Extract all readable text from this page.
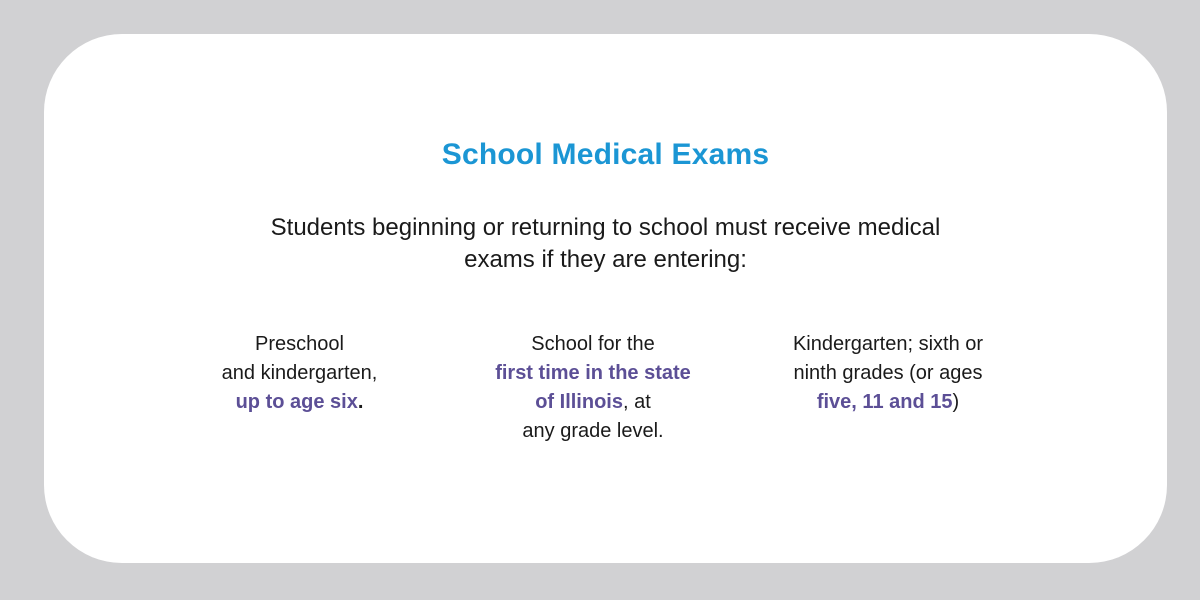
School Medical Exams
Students beginning or returning to school must receive medical
exams if they are entering:
Preschool
and kindergarten,
up to age six.
School for the
first time in the state
of Illinois, at
any grade level.
Kindergarten; sixth or
ninth grades (or ages
five, 11 and 15)
